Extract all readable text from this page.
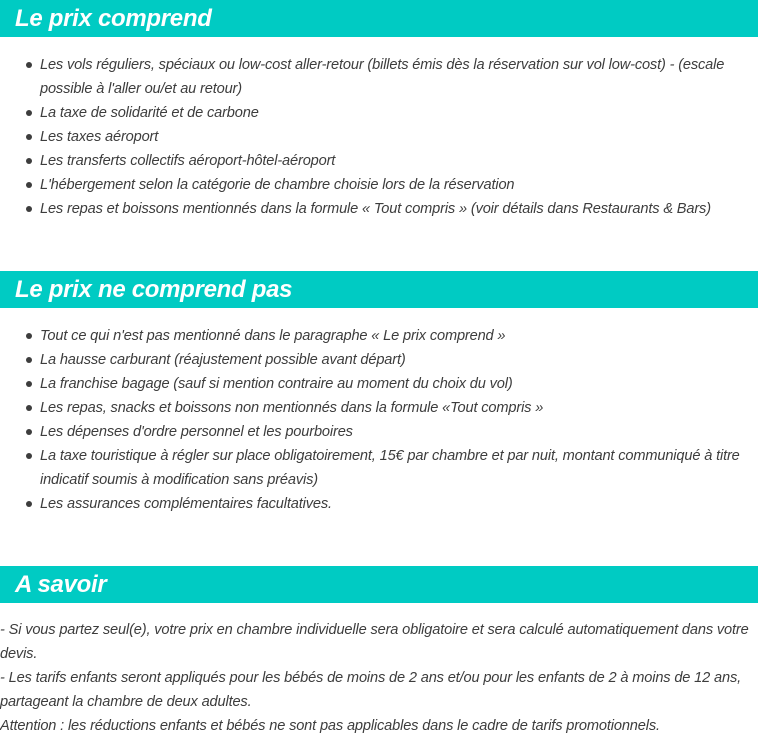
Le prix comprend
Les vols réguliers, spéciaux ou low-cost aller-retour (billets émis dès la réservation sur vol low-cost) - (escale possible à l'aller ou/et au retour)
La taxe de solidarité et de carbone
Les taxes aéroport
Les transferts collectifs aéroport-hôtel-aéroport
L'hébergement selon la catégorie de chambre choisie lors de la réservation
Les repas et boissons mentionnés dans la formule « Tout compris » (voir détails dans Restaurants & Bars)
Le prix ne comprend pas
Tout ce qui n'est pas mentionné dans le paragraphe « Le prix comprend »
La hausse carburant (réajustement possible avant départ)
La franchise bagage (sauf si mention contraire au moment du choix du vol)
Les repas, snacks et boissons non mentionnés dans la formule «Tout compris »
Les dépenses d'ordre personnel et les pourboires
La taxe touristique à régler sur place obligatoirement, 15€ par chambre et par nuit, montant communiqué à titre indicatif soumis à modification sans préavis)
Les assurances complémentaires facultatives.
A savoir

- Si vous partez seul(e), votre prix en chambre individuelle sera obligatoire et sera calculé automatiquement dans votre devis.

- Les tarifs enfants seront appliqués pour les bébés de moins de 2 ans et/ou pour les enfants de 2 à moins de 12 ans, partageant la chambre de deux adultes.

Attention : les réductions enfants et bébés ne sont pas applicables dans le cadre de tarifs promotionnels.
